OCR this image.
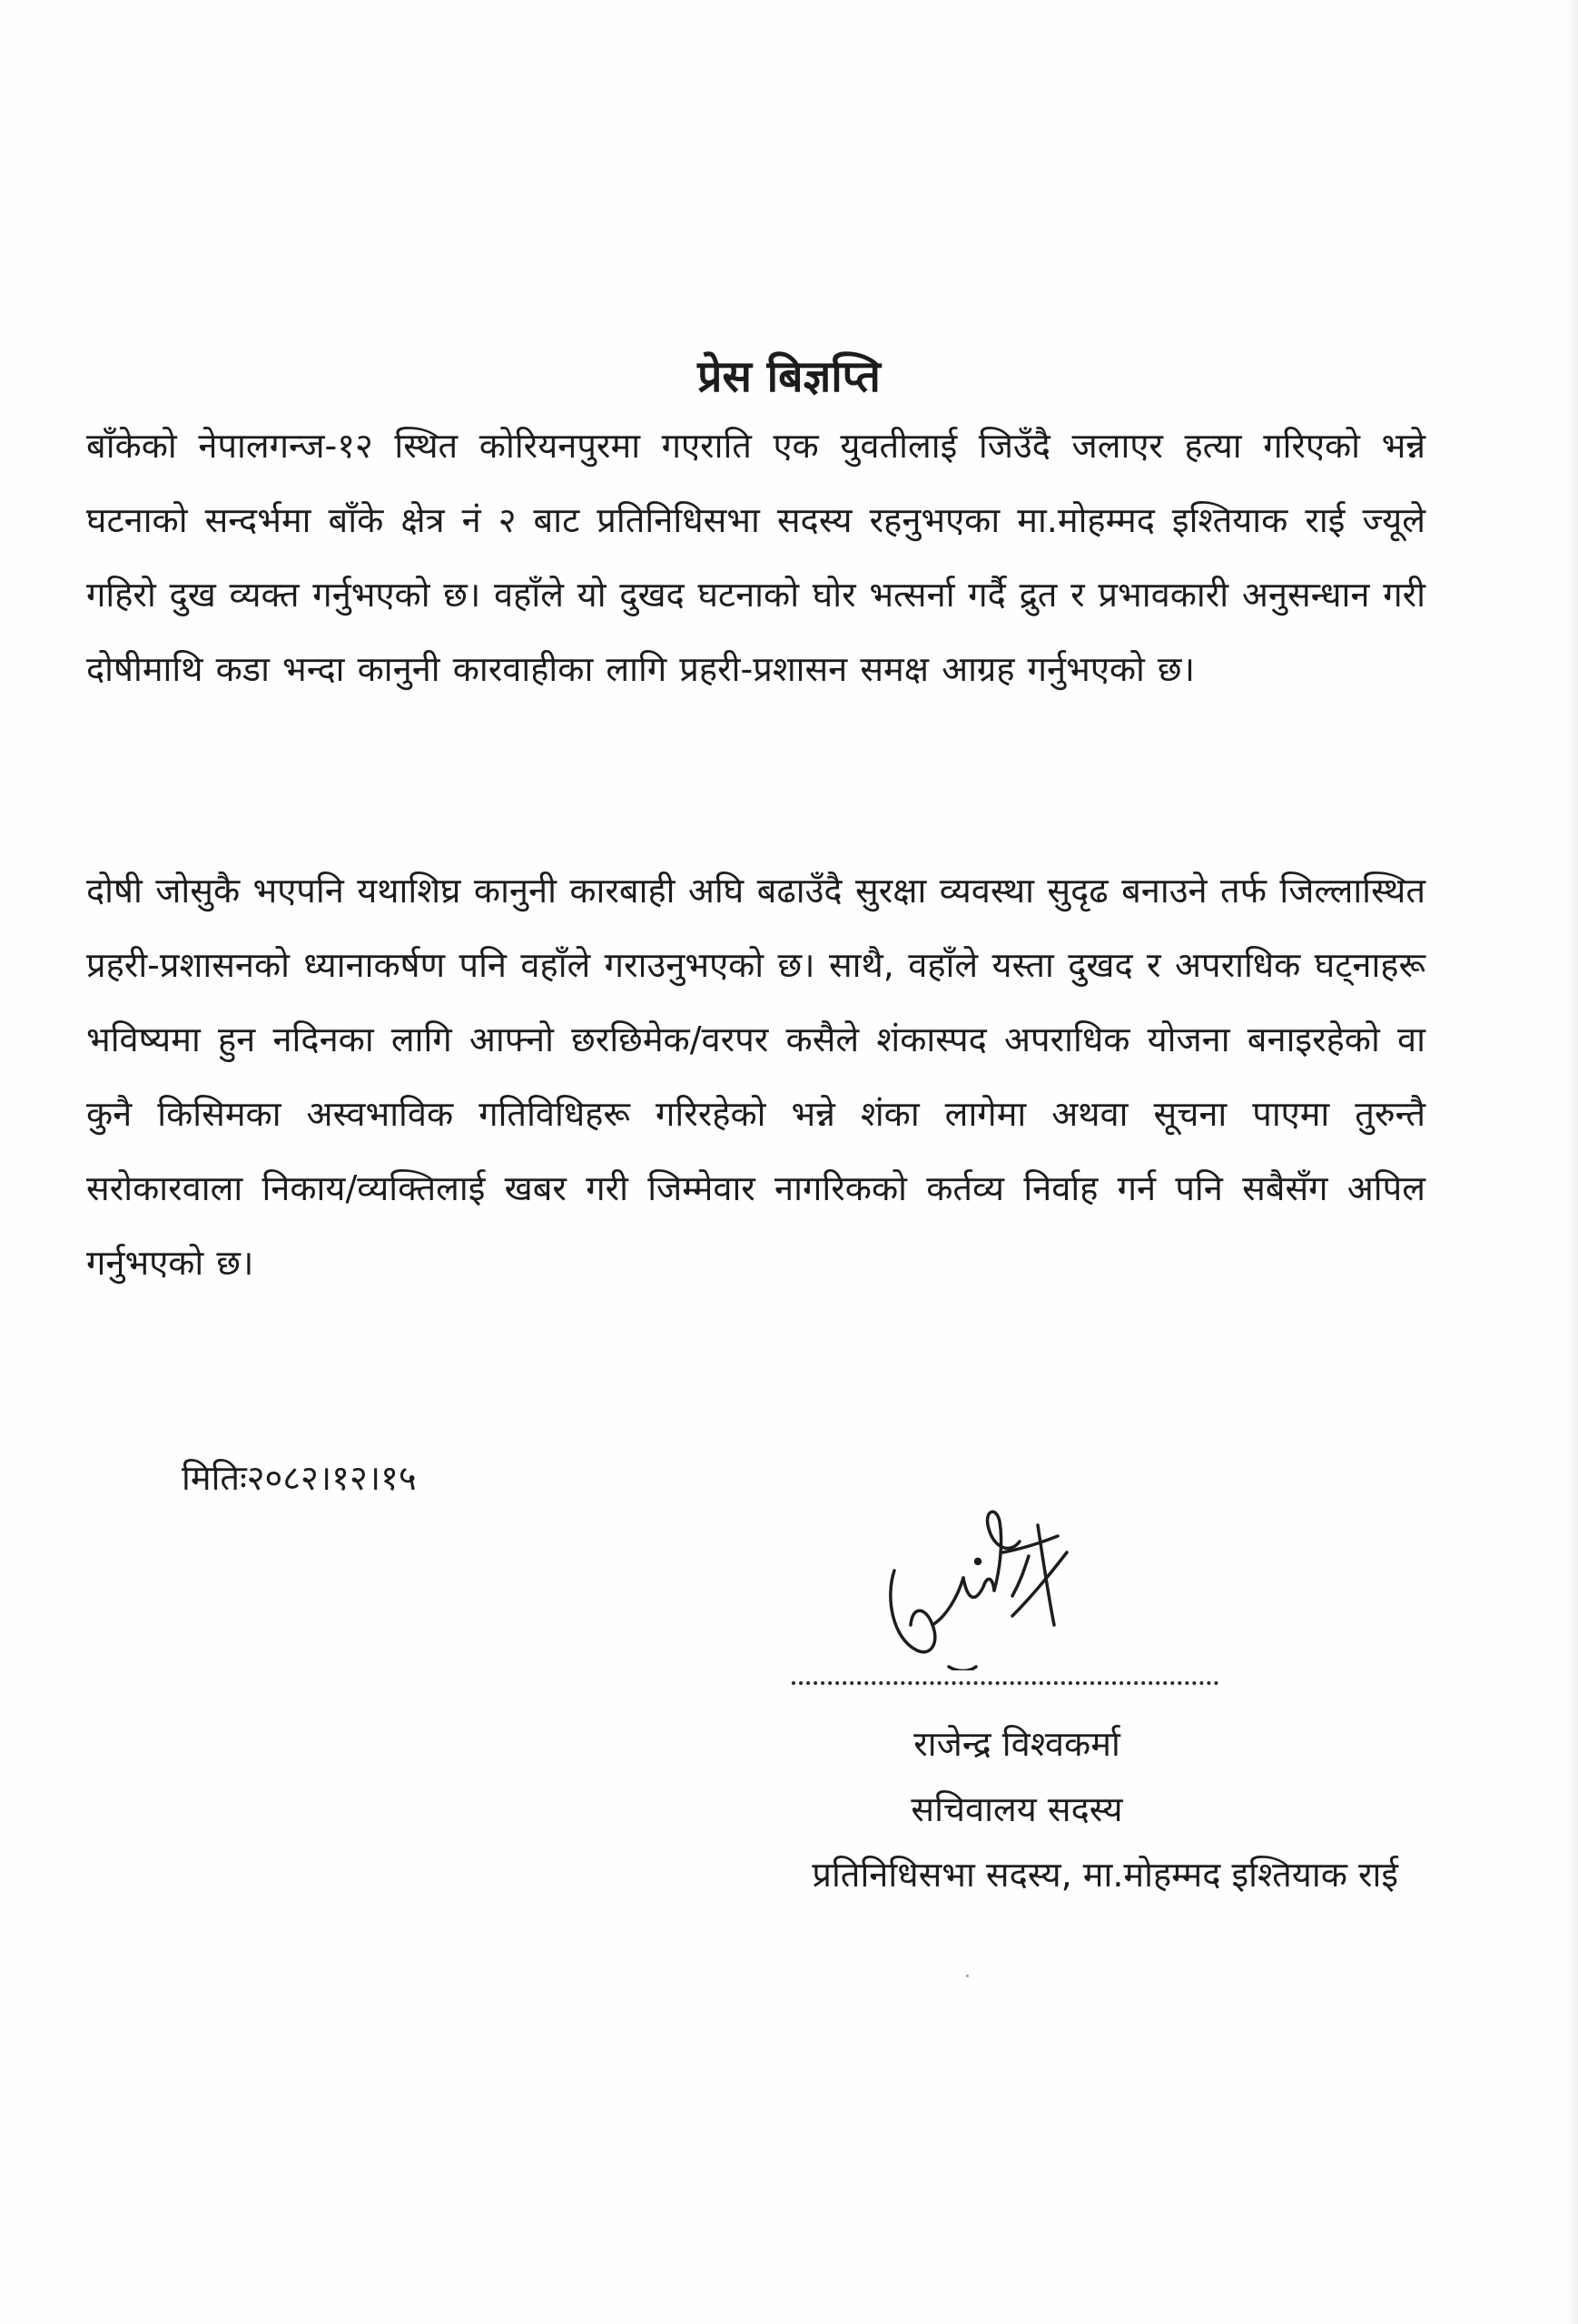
प्रेस बिज्ञप्ति

बाँकेको नेपालगन्ज-१२ स्थित कोरियनपुरमा गएराति एक युवतीलाई जिउँदै जलाएर हत्या गरिएको भन्ने घटनाको सन्दर्भमा बाँके क्षेत्र नं २ बाट प्रतिनिधिसभा सदस्य रहनुभएका मा.मोहम्मद इश्तियाक राई ज्यूले गहिरो दुख व्यक्त गर्नुभएको छ। वहाँले यो दुखद घटनाको घोर भत्सर्ना गर्दै द्रुत र प्रभावकारी अनुसन्धान गरी दोषीमाथि कडा भन्दा कानुनी कारवाहीका लागि प्रहरी-प्रशासन समक्ष आग्रह गर्नुभएको छ।

दोषी जोसुकै भएपनि यथाशिघ्र कानुनी कारबाही अघि बढाउँदै सुरक्षा व्यवस्था सुदृढ बनाउने तर्फ जिल्लास्थित प्रहरी-प्रशासनको ध्यानाकर्षण पनि वहाँले गराउनुभएको छ। साथै, वहाँले यस्ता दुखद र अपराधिक घट्नाहरू भविष्यमा हुन नदिनका लागि आफ्नो छरछिमेक/वरपर कसैले शंकास्पद अपराधिक योजना बनाइरहेको वा कुनै किसिमका अस्वभाविक गतिविधिहरू गरिरहेको भन्ने शंका लागेमा अथवा सूचना पाएमा तुरुन्तै सरोकारवाला निकाय/व्यक्तिलाई खबर गरी जिम्मेवार नागरिकको कर्तव्य निर्वाह गर्न पनि सबैसँग अपिल गर्नुभएको छ।

मितिः२०८२।१२।१५
राजेन्द्र विश्वकर्मा
सचिवालय सदस्य
प्रतिनिधिसभा सदस्य, मा.मोहम्मद इश्तियाक राई
